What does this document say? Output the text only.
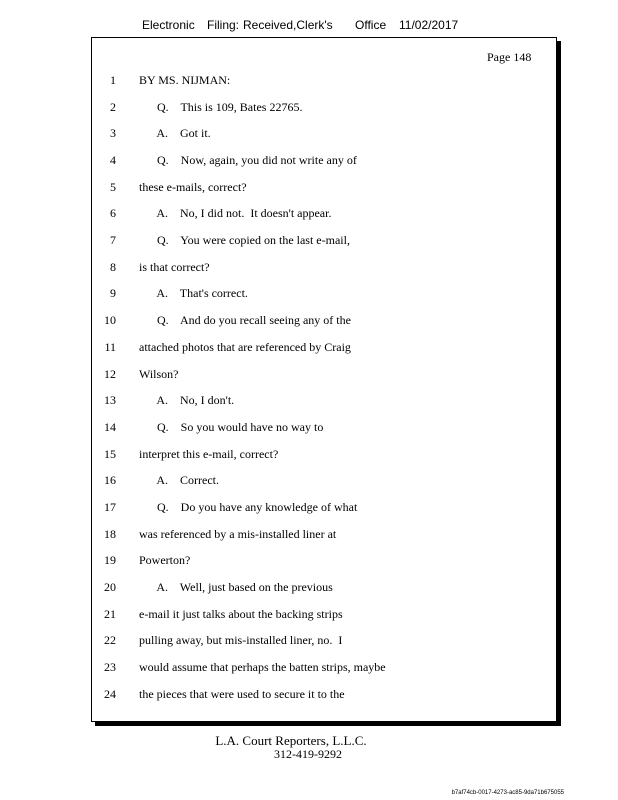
Electronic Filing: Received,Clerk's Office 11/02/2017
Page 148
1 BY MS. NIJMAN:
2 Q.    This is 109, Bates 22765.
3 A.    Got it.
4 Q.    Now, again, you did not write any of
5 these e-mails, correct?
6 A.    No, I did not.  It doesn't appear.
7 Q.    You were copied on the last e-mail,
8 is that correct?
9 A.    That's correct.
10 Q.    And do you recall seeing any of the
11 attached photos that are referenced by Craig
12 Wilson?
13 A.    No, I don't.
14 Q.    So you would have no way to
15 interpret this e-mail, correct?
16 A.    Correct.
17 Q.    Do you have any knowledge of what
18 was referenced by a mis-installed liner at
19 Powerton?
20 A.    Well, just based on the previous
21 e-mail it just talks about the backing strips
22 pulling away, but mis-installed liner, no.  I
23 would assume that perhaps the batten strips, maybe
24 the pieces that were used to secure it to the
L.A. Court Reporters, L.L.C.
312-419-9292
b7af74cb-0017-4273-ac85-9da71b675055
